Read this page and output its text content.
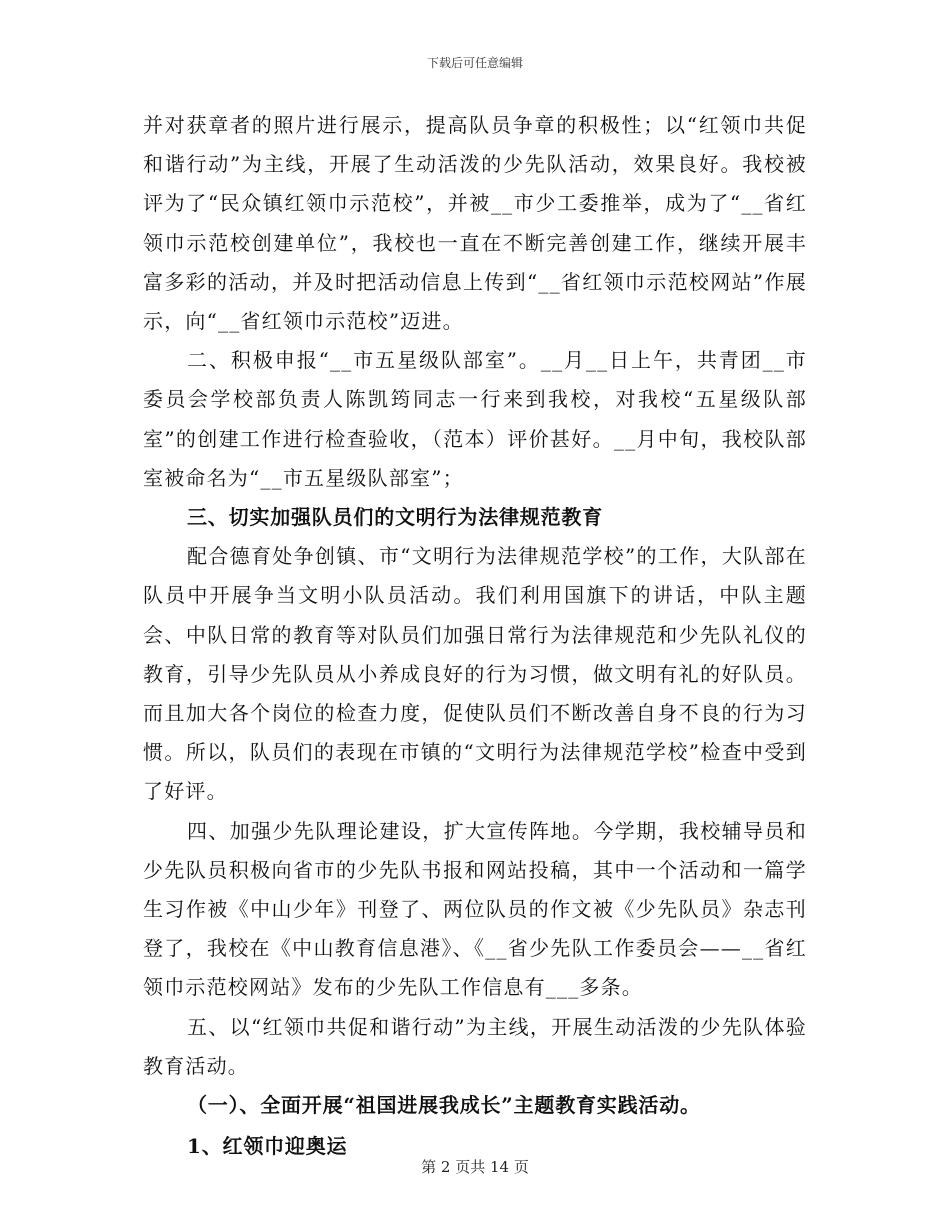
下载后可任意编辑

并对获章者的照片进行展示，提高队员争章的积极性；以“红领巾共促和谐行动”为主线，开展了生动活泼的少先队活动，效果良好。我校被评为了“民众镇红领巾示范校”，并被__市少工委推举，成为了“__省红领巾示范校创建单位”，我校也一直在不断完善创建工作，继续开展丰富多彩的活动，并及时把活动信息上传到“__省红领巾示范校网站”作展示，向“__省红领巾示范校”迈进。

二、积极申报“__市五星级队部室”。__月__日上午，共青团__市委员会学校部负责人陈凯筠同志一行来到我校，对我校“五星级队部室”的创建工作进行检查验收，（范本）评价甚好。__月中旬，我校队部室被命名为“__市五星级队部室”；

三、切实加强队员们的文明行为法律规范教育

配合德育处争创镇、市“文明行为法律规范学校”的工作，大队部在队员中开展争当文明小队员活动。我们利用国旗下的讲话，中队主题会、中队日常的教育等对队员们加强日常行为法律规范和少先队礼仪的教育，引导少先队员从小养成良好的行为习惯，做文明有礼的好队员。而且加大各个岗位的检查力度，促使队员们不断改善自身不良的行为习惯。所以，队员们的表现在市镇的“文明行为法律规范学校”检查中受到了好评。

四、加强少先队理论建设，扩大宣传阵地。今学期，我校辅导员和少先队员积极向省市的少先队书报和网站投稿，其中一个活动和一篇学生习作被《中山少年》刊登了、两位队员的作文被《少先队员》杂志刊登了，我校在《中山教育信息港》、《__省少先队工作委员会——__省红领巾示范校网站》发布的少先队工作信息有___多条。

五、以“红领巾共促和谐行动”为主线，开展生动活泼的少先队体验教育活动。

（一）、全面开展“祖国进展我成长”主题教育实践活动。

1、红领巾迎奥运

第 2 页共 14 页
